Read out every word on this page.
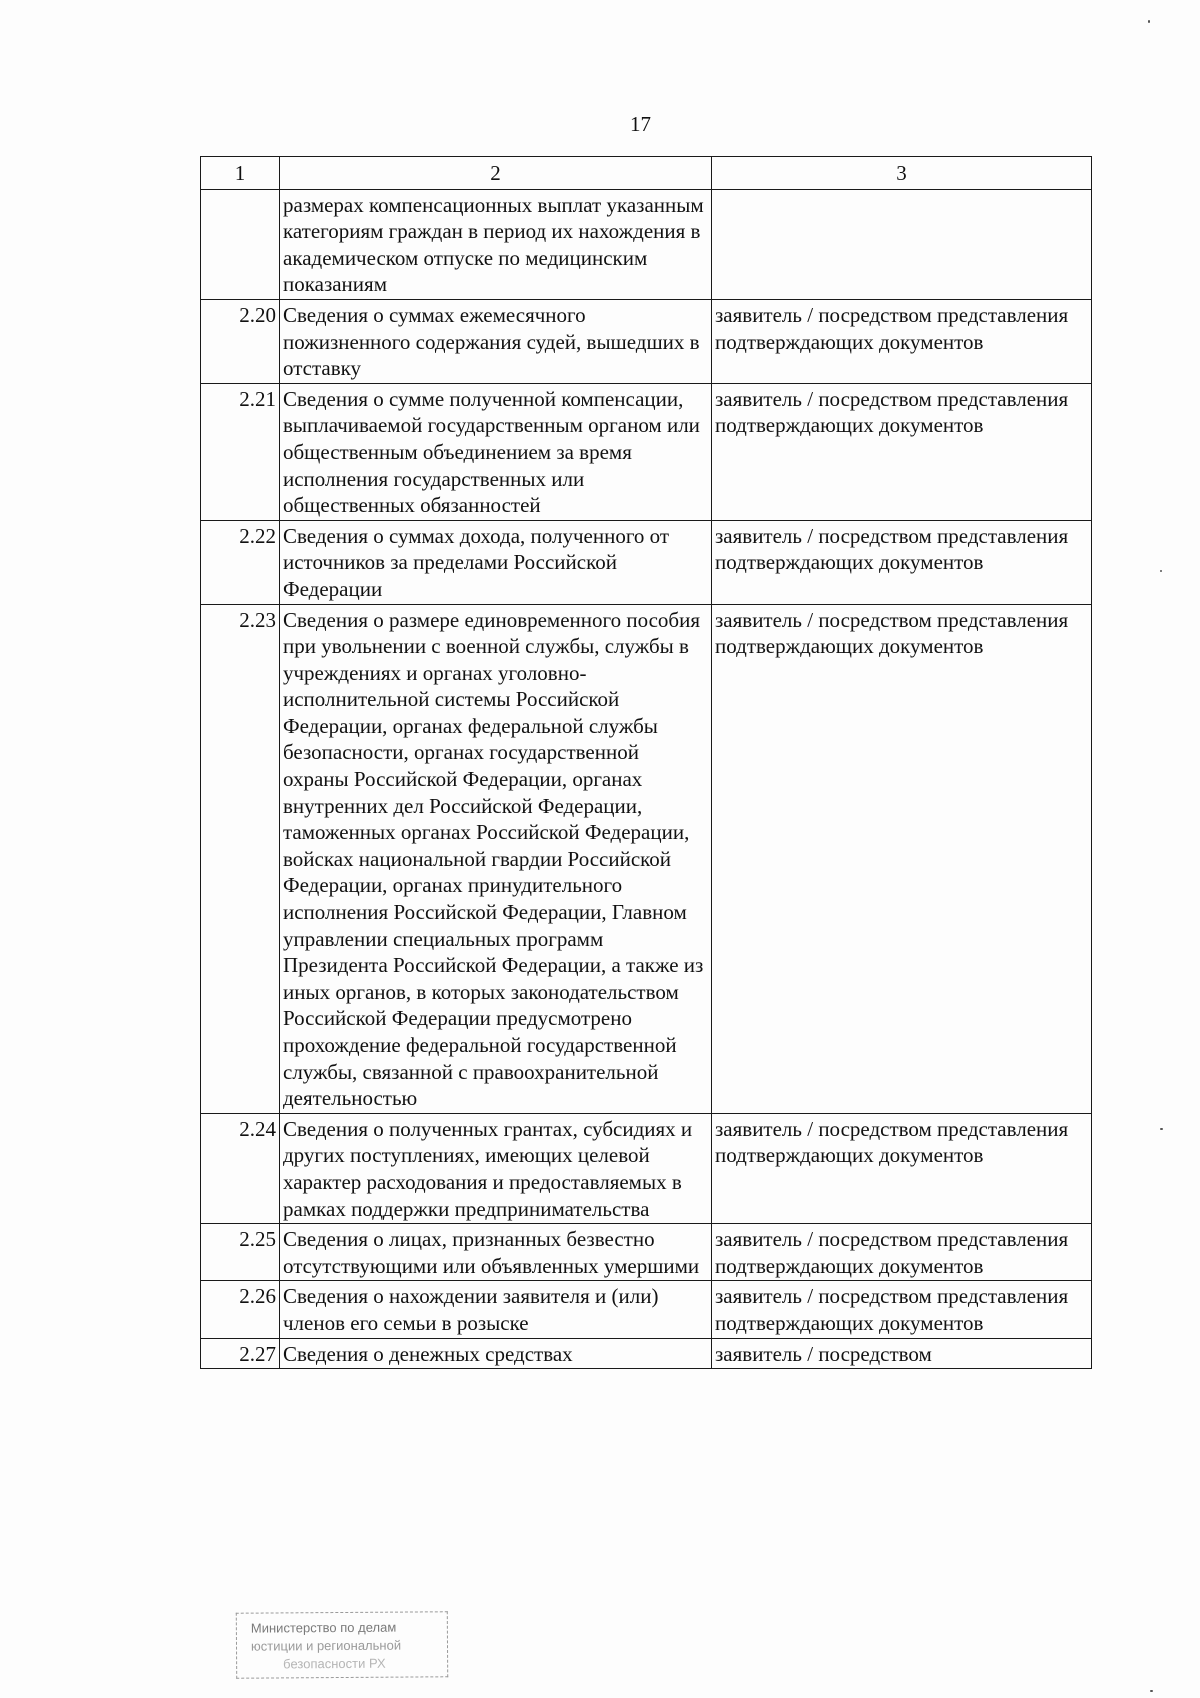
17
1	2	3
	размерах компенсационных выплат указанным категориям граждан в период их нахождения в академическом отпуске по медицинским показаниям	
2.20	Сведения о суммах ежемесячного пожизненного содержания судей, вышедших в отставку	заявитель / посредством представления подтверждающих документов
2.21	Сведения о сумме полученной компенсации, выплачиваемой государственным органом или общественным объединением за время исполнения государственных или общественных обязанностей	заявитель / посредством представления подтверждающих документов
2.22	Сведения о суммах дохода, полученного от источников за пределами Российской Федерации	заявитель / посредством представления подтверждающих документов
2.23	Сведения о размере единовременного пособия при увольнении с военной службы, службы в учреждениях и органах уголовно-исполнительной системы Российской Федерации, органах федеральной службы безопасности, органах государственной охраны Российской Федерации, органах внутренних дел Российской Федерации, таможенных органах Российской Федерации, войсках национальной гвардии Российской Федерации, органах принудительного исполнения Российской Федерации, Главном управлении специальных программ Президента Российской Федерации, а также из иных органов, в которых законодательством Российской Федерации предусмотрено прохождение федеральной государственной службы, связанной с правоохранительной деятельностью	заявитель / посредством представления подтверждающих документов
2.24	Сведения о полученных грантах, субсидиях и других поступлениях, имеющих целевой характер расходования и предоставляемых в рамках поддержки предпринимательства	заявитель / посредством представления подтверждающих документов
2.25	Сведения о лицах, признанных безвестно отсутствующими или объявленных умершими	заявитель / посредством представления подтверждающих документов
2.26	Сведения о нахождении заявителя и (или) членов его семьи в розыске	заявитель / посредством представления подтверждающих документов
2.27	Сведения о денежных средствах	заявитель / посредством
Министерство по делам
юстиции и региональной
безопасности РХ
